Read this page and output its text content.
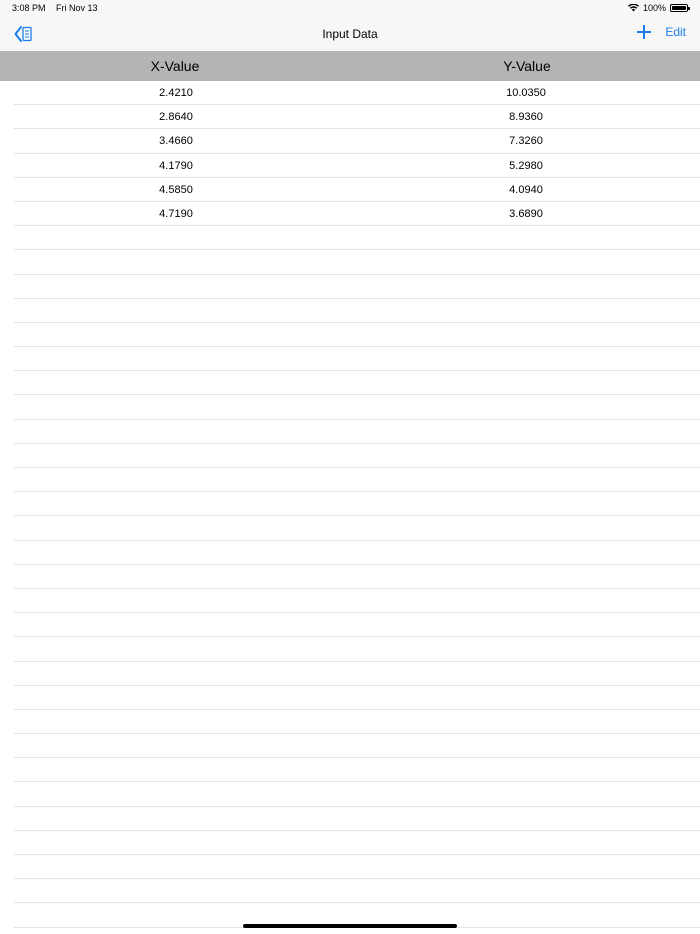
3:08 PM Fri Nov 13	100%
Input Data	Edit
X-Value	Y-Value
2.4210	10.0350
2.8640	8.9360
3.4660	7.3260
4.1790	5.2980
4.5850	4.0940
4.7190	3.6890
